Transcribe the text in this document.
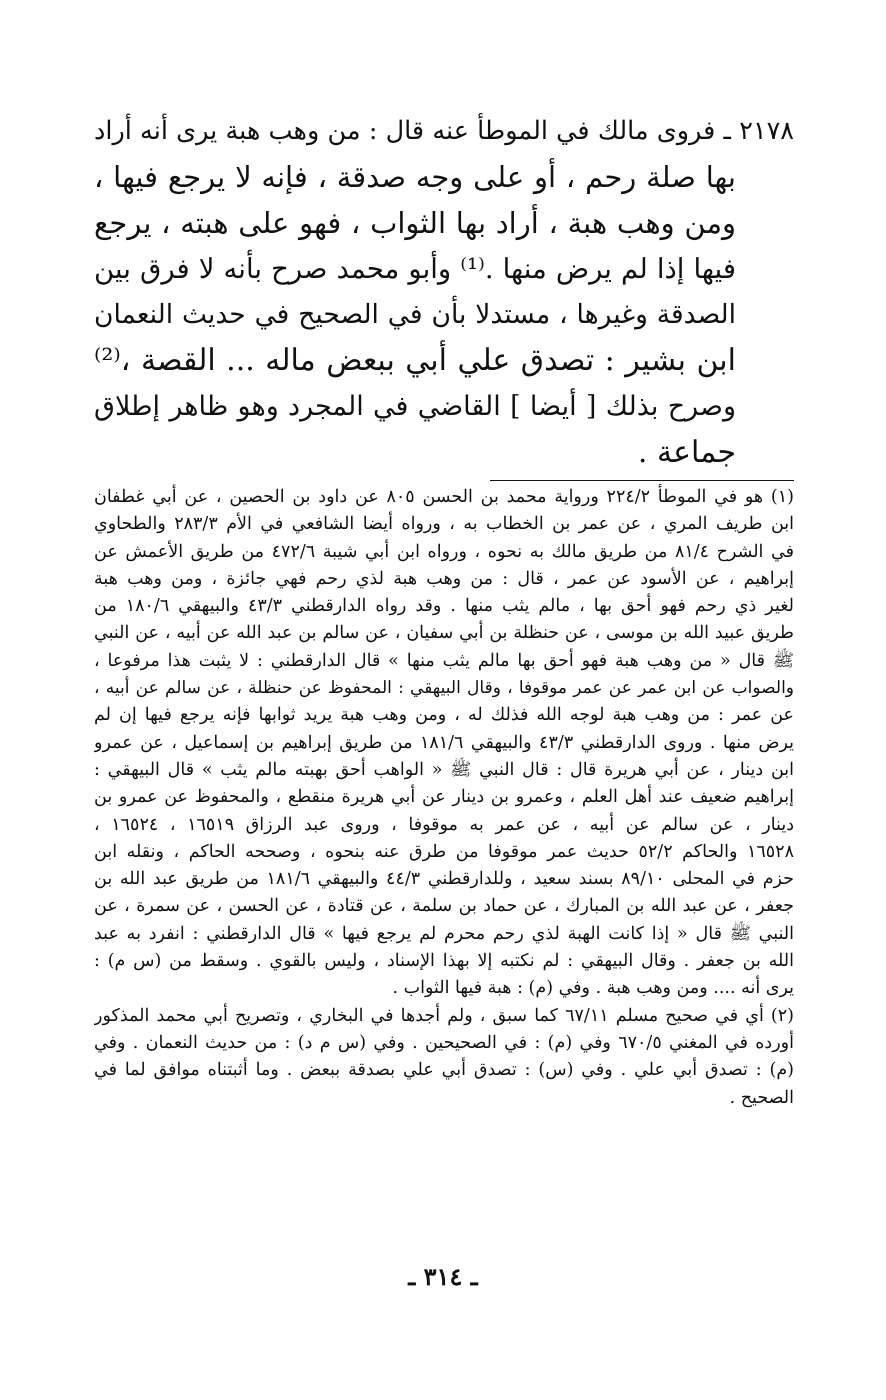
٢١٧٨ ـ فروى مالك في الموطأ عنه قال : من وهب هبة يرى أنه أراد
بها صلة رحم ، أو على وجه صدقة ، فإنه لا يرجع فيها ،
ومن وهب هبة ، أراد بها الثواب ، فهو على هبته ، يرجع
فيها إذا لم يرض منها .⁽¹⁾ وأبو محمد صرح بأنه لا فرق بين
الصدقة وغيرها ، مستدلا بأن في الصحيح في حديث النعمان
ابن بشير : تصدق علي أبي ببعض ماله ... القصة ،⁽²⁾
وصرح بذلك [ أيضا ] القاضي في المجرد وهو ظاهر إطلاق
جماعة .
(١) هو في الموطأ ٢٢٤/٢ ورواية محمد بن الحسن ٨٠٥ عن داود بن الحصين ، عن أبي غطفان
ابن طريف المري ، عن عمر بن الخطاب به ، ورواه أيضا الشافعي في الأم ٢٨٣/٣ والطحاوي
في الشرح ٨١/٤ من طريق مالك به نحوه ، ورواه ابن أبي شيبة ٤٧٢/٦ من طريق الأعمش عن
إبراهيم ، عن الأسود عن عمر ، قال : من وهب هبة لذي رحم فهي جائزة ، ومن وهب هبة
لغير ذي رحم فهو أحق بها ، مالم يثب منها . وقد رواه الدارقطني ٤٣/٣ والبيهقي ١٨٠/٦ من
طريق عبيد الله بن موسى ، عن حنظلة بن أبي سفيان ، عن سالم بن عبد الله عن أبيه ، عن النبي
ﷺ قال « من وهب هبة فهو أحق بها مالم يثب منها » قال الدارقطني : لا يثبت هذا مرفوعا ،
والصواب عن ابن عمر عن عمر موقوفا ، وقال البيهقي : المحفوظ عن حنظلة ، عن سالم عن أبيه ،
عن عمر : من وهب هبة لوجه الله فذلك له ، ومن وهب هبة يريد ثوابها فإنه يرجع فيها إن لم
يرض منها . وروى الدارقطني ٤٣/٣ والبيهقي ١٨١/٦ من طريق إبراهيم بن إسماعيل ، عن عمرو
ابن دينار ، عن أبي هريرة قال : قال النبي ﷺ « الواهب أحق بهبته مالم يثب » قال البيهقي :
إبراهيم ضعيف عند أهل العلم ، وعمرو بن دينار عن أبي هريرة منقطع ، والمحفوظ عن عمرو بن
دينار ، عن سالم عن أبيه ، عن عمر به موقوفا ، وروى عبد الرزاق ١٦٥١٩ ، ١٦٥٢٤ ،
١٦٥٢٨ والحاكم ٥٢/٢ حديث عمر موقوفا من طرق عنه بنحوه ، وصححه الحاكم ، ونقله ابن
حزم في المحلى ٨٩/١٠ بسند سعيد ، وللدارقطني ٤٤/٣ والبيهقي ١٨١/٦ من طريق عبد الله بن
جعفر ، عن عبد الله بن المبارك ، عن حماد بن سلمة ، عن قتادة ، عن الحسن ، عن سمرة ، عن
النبي ﷺ قال « إذا كانت الهبة لذي رحم محرم لم يرجع فيها » قال الدارقطني : انفرد به عبد
الله بن جعفر . وقال البيهقي : لم نكتبه إلا بهذا الإسناد ، وليس بالقوي . وسقط من (س م) :
يرى أنه .... ومن وهب هبة . وفي (م) : هبة فيها الثواب .
(٢) أي في صحيح مسلم ٦٧/١١ كما سبق ، ولم أجدها في البخاري ، وتصريح أبي محمد المذكور
أورده في المغني ٦٧٠/٥ وفي (م) : في الصحيحين . وفي (س م د) : من حديث النعمان . وفي
(م) : تصدق أبي علي . وفي (س) : تصدق أبي علي بصدقة ببعض . وما أثبتناه موافق لما في
الصحيح .
ـ ٣١٤ ـ
